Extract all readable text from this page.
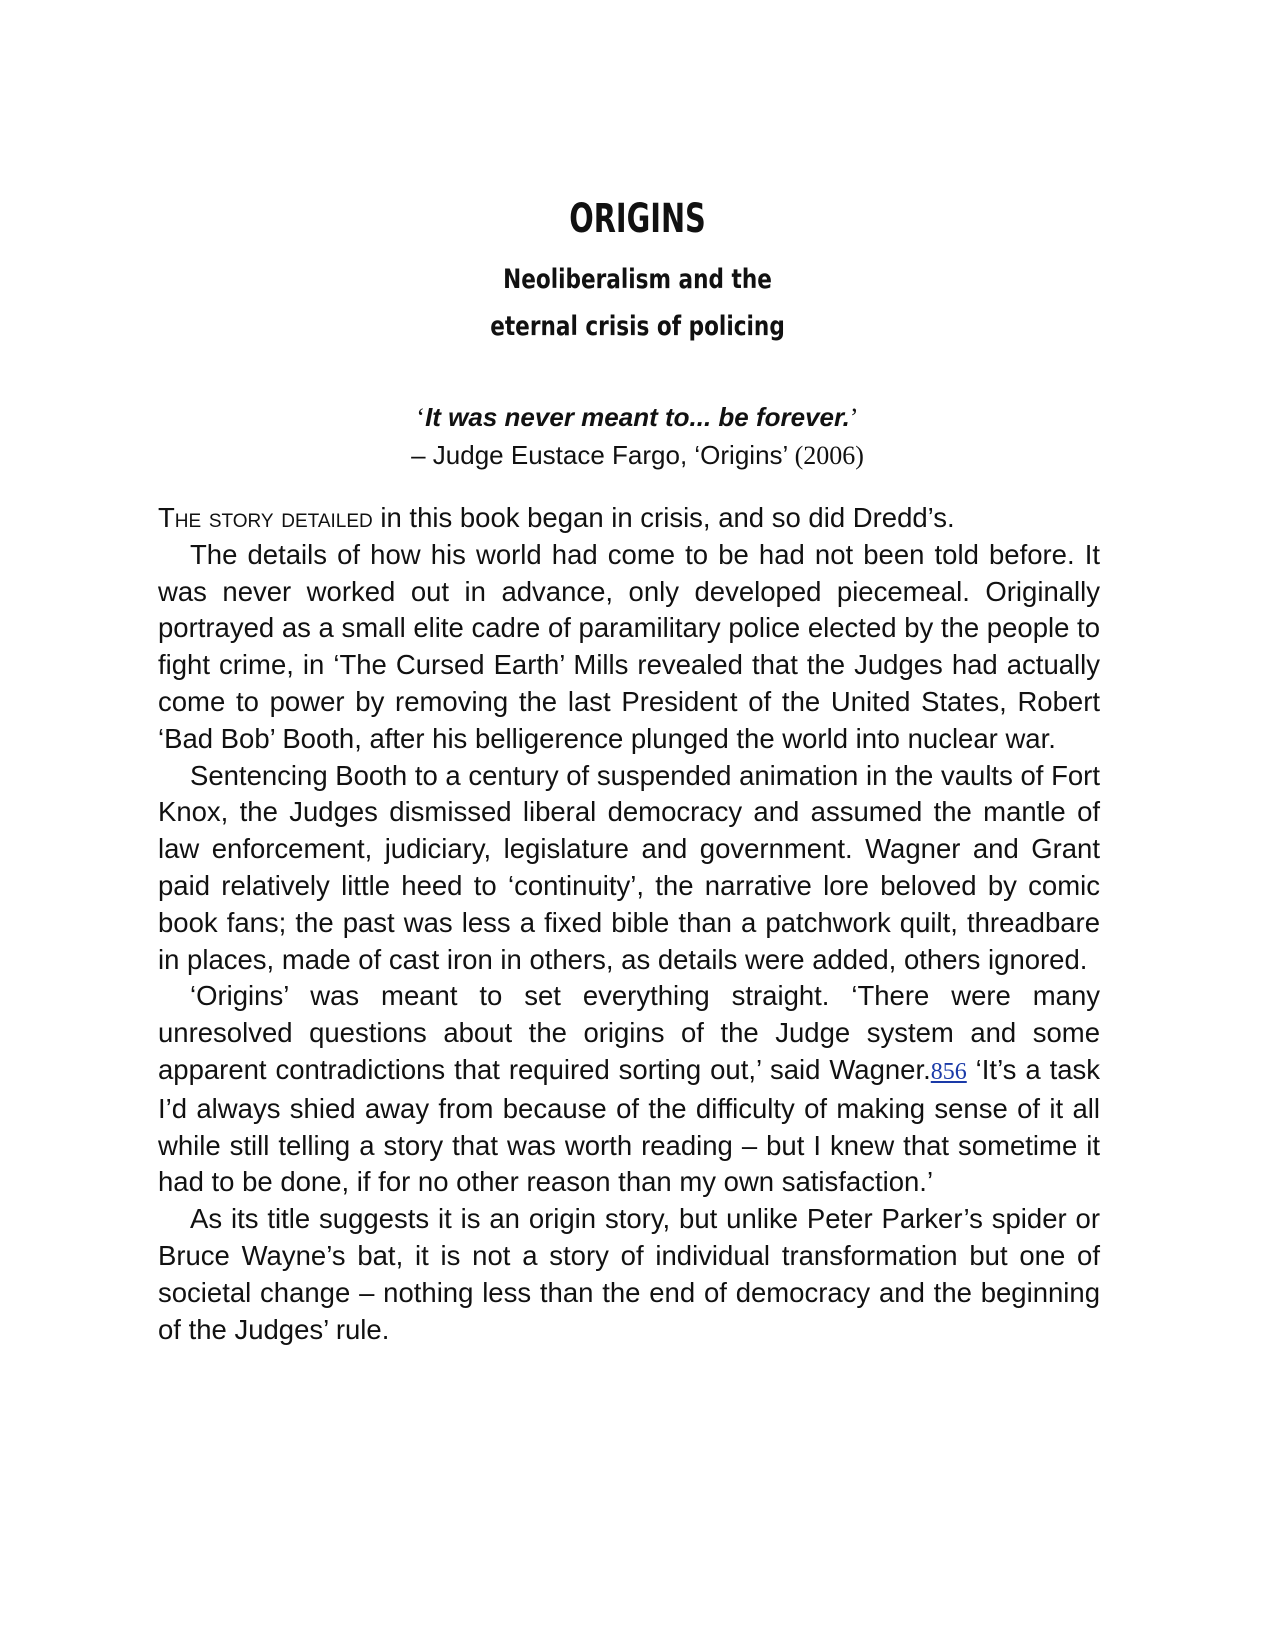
ORIGINS
Neoliberalism and the
eternal crisis of policing
‘It was never meant to... be forever.’
– Judge Eustace Fargo, ‘Origins’ (2006)

The story detailed in this book began in crisis, and so did Dredd’s.

The details of how his world had come to be had not been told before. It was never worked out in advance, only developed piecemeal. Originally portrayed as a small elite cadre of paramilitary police elected by the people to fight crime, in ‘The Cursed Earth’ Mills revealed that the Judges had actually come to power by removing the last President of the United States, Robert ‘Bad Bob’ Booth, after his belligerence plunged the world into nuclear war.

Sentencing Booth to a century of suspended animation in the vaults of Fort Knox, the Judges dismissed liberal democracy and assumed the mantle of law enforcement, judiciary, legislature and government. Wagner and Grant paid relatively little heed to ‘continuity’, the narrative lore beloved by comic book fans; the past was less a fixed bible than a patchwork quilt, threadbare in places, made of cast iron in others, as details were added, others ignored.

‘Origins’ was meant to set everything straight. ‘There were many unresolved questions about the origins of the Judge system and some apparent contradictions that required sorting out,’ said Wagner.856 ‘It’s a task I’d always shied away from because of the difficulty of making sense of it all while still telling a story that was worth reading – but I knew that sometime it had to be done, if for no other reason than my own satisfaction.’

As its title suggests it is an origin story, but unlike Peter Parker’s spider or Bruce Wayne’s bat, it is not a story of individual transformation but one of societal change – nothing less than the end of democracy and the beginning of the Judges’ rule.
